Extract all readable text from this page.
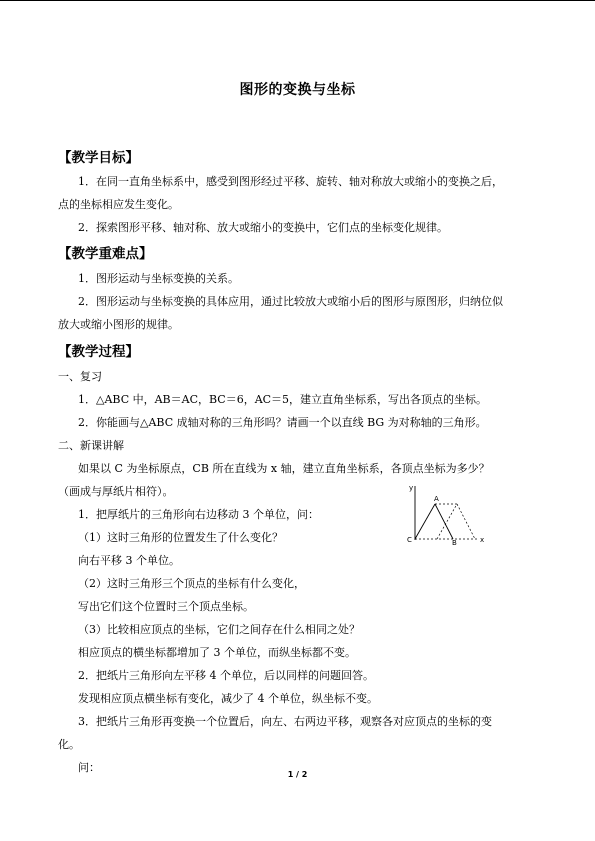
图形的变换与坐标
【教学目标】
1．在同一直角坐标系中，感受到图形经过平移、旋转、轴对称放大或缩小的变换之后，
点的坐标相应发生变化。
2．探索图形平移、轴对称、放大或缩小的变换中，它们点的坐标变化规律。
【教学重难点】
1．图形运动与坐标变换的关系。
2．图形运动与坐标变换的具体应用，通过比较放大或缩小后的图形与原图形，归纳位似
放大或缩小图形的规律。
【教学过程】
一、复习
1．△ABC 中，AB＝AC，BC＝6，AC＝5，建立直角坐标系，写出各顶点的坐标。
2．你能画与△ABC 成轴对称的三角形吗？请画一个以直线 BG 为对称轴的三角形。
二、新课讲解
如果以 C 为坐标原点，CB 所在直线为 x 轴，建立直角坐标系，各顶点坐标为多少？
（画成与厚纸片相符）。
1．把厚纸片的三角形向右边移动 3 个单位，问：
（1）这时三角形的位置发生了什么变化？
向右平移 3 个单位。
（2）这时三角形三个顶点的坐标有什么变化，
写出它们这个位置时三个顶点坐标。
（3）比较相应顶点的坐标，它们之间存在什么相同之处？
相应顶点的横坐标都增加了 3 个单位，而纵坐标都不变。
2．把纸片三角形向左平移 4 个单位，后以同样的问题回答。
发现相应顶点横坐标有变化，减少了 4 个单位，纵坐标不变。
3．把纸片三角形再变换一个位置后，向左、右两边平移，观察各对应顶点的坐标的变
化。
问：
y
A
C	B	x
1 / 2
